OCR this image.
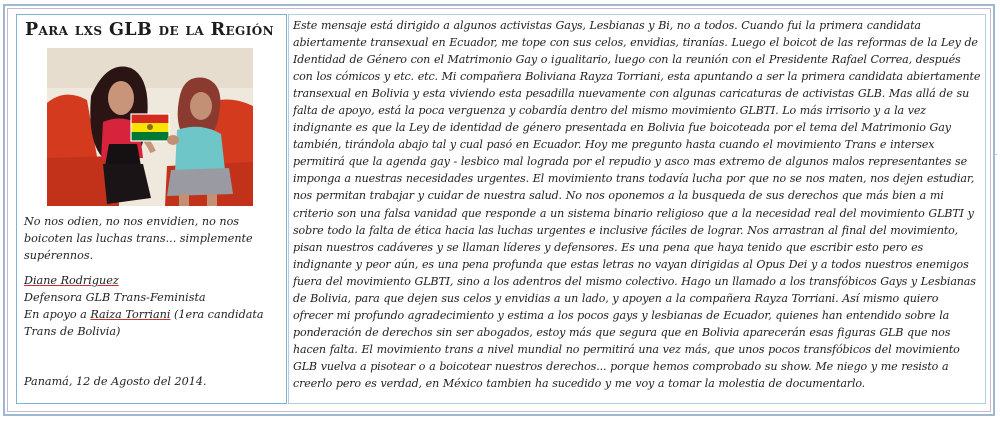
Para lxs GLB de la Región
No nos odien, no nos envidien, no nos boicoten las luchas trans... simplemente supérennos.
Diane Rodriguez
Defensora GLB Trans-Feminista
En apoyo a Raiza Torriani (1era candidata Trans de Bolivia)
Panamá, 12 de Agosto del 2014.
Este mensaje está dirigido a algunos activistas Gays, Lesbianas y Bi, no a todos. Cuando fui la primera candidata abiertamente transexual en Ecuador, me tope con sus celos, envidias, tiranías. Luego el boicot de las reformas de la Ley de Identidad de Género con el Matrimonio Gay o igualitario, luego con la reunión con el Presidente Rafael Correa, después con los cómicos y etc. etc. Mi compañera Boliviana Rayza Torriani, esta apuntando a ser la primera candidata abiertamente transexual en Bolivia y esta viviendo esta pesadilla nuevamente con algunas caricaturas de activistas GLB. Mas allá de su falta de apoyo, está la poca verguenza y cobardía dentro del mismo movimiento GLBTI. Lo más irrisorio y a la vez indignante es que la Ley de identidad de género presentada en Bolivia fue boicoteada por el tema del Matrimonio Gay también, tirándola abajo tal y cual pasó en Ecuador. Hoy me pregunto hasta cuando el movimiento Trans e intersex permitirá que la agenda gay - lesbico mal lograda por el repudio y asco mas extremo de algunos malos representantes se imponga a nuestras necesidades urgentes. El movimiento trans todavía lucha por que no se nos maten, nos dejen estudiar, nos permitan trabajar y cuidar de nuestra salud. No nos oponemos a la busqueda de sus derechos que más bien a mi criterio son una falsa vanidad que responde a un sistema binario religioso que a la necesidad real del movimiento GLBTI y sobre todo la falta de ética hacia las luchas urgentes e inclusive fáciles de lograr. Nos arrastran al final del movimiento, pisan nuestros cadáveres y se llaman líderes y defensores. Es una pena que haya tenido que escribir esto pero es indignante y peor aún, es una pena profunda que estas letras no vayan dirigidas al Opus Dei y a todos nuestros enemigos fuera del movimiento GLBTI, sino a los adentros del mismo colectivo. Hago un llamado a los transfóbicos Gays y Lesbianas de Bolivia, para que dejen sus celos y envidias a un lado, y apoyen a la compañera Rayza Torriani. Así mismo quiero ofrecer mi profundo agradecimiento y estima a los pocos gays y lesbianas de Ecuador, quienes han entendido sobre la ponderación de derechos sin ser abogados, estoy más que segura que en Bolivia aparecerán esas figuras GLB que nos hacen falta. El movimiento trans a nivel mundial no permitirá una vez más, que unos pocos transfóbicos del movimiento GLB vuelva a pisotear o a boicotear nuestros derechos... porque hemos comprobado su show. Me niego y me resisto a creerlo pero es verdad, en México tambien ha sucedido y me voy a tomar la molestia de documentarlo.
˙
